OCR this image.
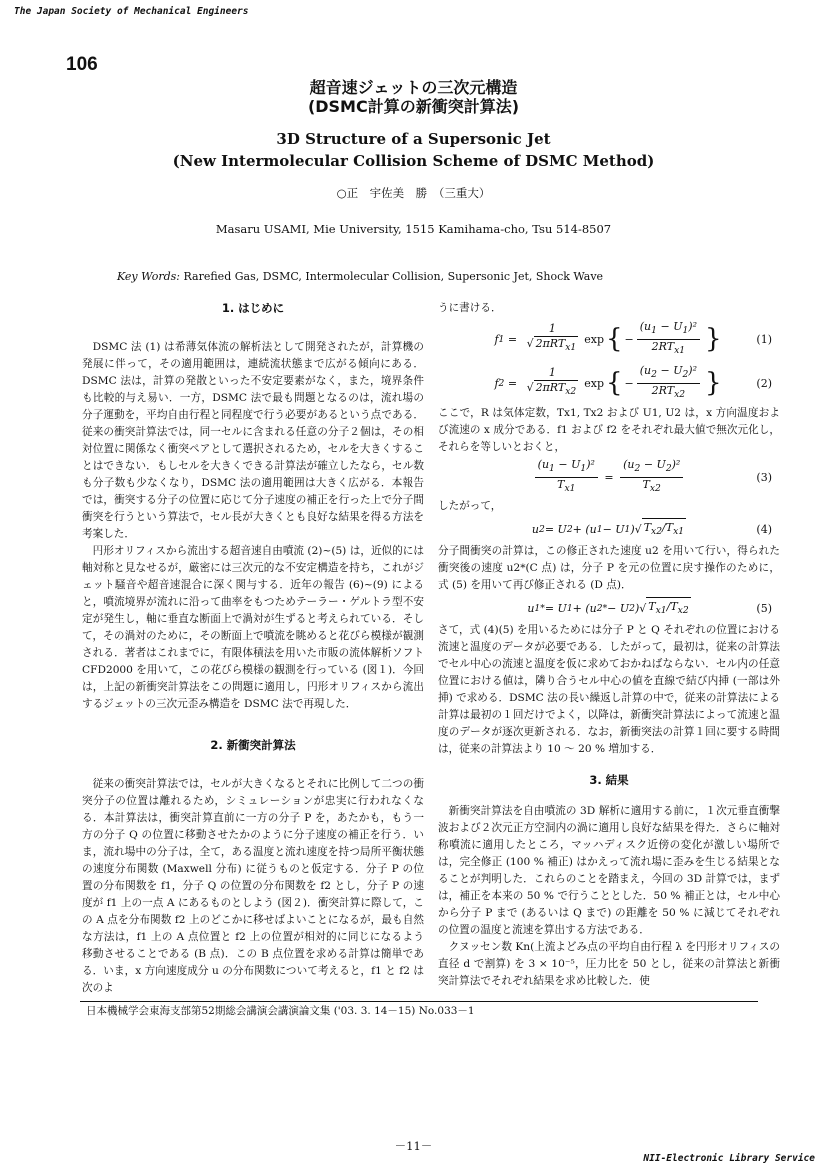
The Japan Society of Mechanical Engineers
106
超音速ジェットの三次元構造
(DSMC計算の新衝突計算法)
3D Structure of a Supersonic Jet
(New Intermolecular Collision Scheme of DSMC Method)
○正　宇佐美　勝　（三重大）
Masaru USAMI, Mie University, 1515 Kamihama-cho, Tsu 514-8507
Key Words: Rarefied Gas, DSMC, Intermolecular Collision, Supersonic Jet, Shock Wave
1. はじめに

DSMC 法 (1) は希薄気体流の解析法として開発されたが，計算機の発展に伴って，その適用範囲は，連続流状態まで広がる傾向にある．DSMC 法は，計算の発散といった不安定要素がなく，また，境界条件も比較的与え易い．一方，DSMC 法で最も問題となるのは，流れ場の分子運動を，平均自由行程と同程度で行う必要があるという点である．従来の衝突計算法では，同一セルに含まれる任意の分子２個は，その相対位置に関係なく衝突ペアとして選択されるため，セルを大きくすることはできない．もしセルを大きくできる計算法が確立したなら，セル数も分子数も少なくなり，DSMC 法の適用範囲は大きく広がる．本報告では，衝突する分子の位置に応じて分子速度の補正を行った上で分子間衝突を行うという算法で，セル長が大きくとも良好な結果を得る方法を考案した．

円形オリフィスから流出する超音速自由噴流 (2)~(5) は，近似的には軸対称と見なせるが，厳密には三次元的な不安定構造を持ち，これがジェット騒音や超音速混合に深く関与する．近年の報告 (6)~(9) によると，噴流境界が流れに沿って曲率をもつためテーラー・ゲルトラ型不安定が発生し，軸に垂直な断面上で渦対が生ずると考えられている．そして，その渦対のために，その断面上で噴流を眺めると花びら模様が観測される．著者はこれまでに，有限体積法を用いた市販の流体解析ソフト CFD2000 を用いて，この花びら模様の観測を行っている (図１)．今回は，上記の新衝突計算法をこの問題に適用し，円形オリフィスから流出するジェットの三次元歪み構造を DSMC 法で再現した．

2. 新衝突計算法

従来の衝突計算法では，セルが大きくなるとそれに比例して二つの衝突分子の位置は離れるため，シミュレーションが忠実に行われなくなる．本計算法は，衝突計算直前に一方の分子 P を，あたかも，もう一方の分子 Q の位置に移動させたかのように分子速度の補正を行う．いま，流れ場中の分子は，全て，ある温度と流れ速度を持つ局所平衡状態の速度分布関数 (Maxwell 分布) に従うものと仮定する．分子 P の位置の分布関数を f1，分子 Q の位置の分布関数を f2 とし，分子 P の速度が f1 上の一点 A にあるものとしよう (図２)．衝突計算に際して，この A 点を分布関数 f2 上のどこかに移せばよいことになるが，最も自然な方法は，f1 上の A 点位置と f2 上の位置が相対的に同じになるよう移動させることである (B 点)．この B 点位置を求める計算は簡単である．いま，x 方向速度成分 u の分布関数について考えると，f1 と f2 は次のよ

うに書ける．

f $1 = \frac{1}{√ 2\pi RT_{x1}}$ exp { − $\frac{(u_1 - U_1)^2}{2RT_{x1}}$ }	(1)
f $2 = \frac{1}{√ 2\pi RT_{x2}}$ exp { − $\frac{(u_2 - U_2)^2}{2RT_{x2}}$ }	(2)

ここで，R は気体定数，Tx1, Tx2 および U1, U2 は，x 方向温度および流速の x 成分である．f1 および f2 をそれぞれ最大値で無次元化し，それらを等しいとおくと，

$\frac{(u_1 - U_1)^2}{T_{x1}} = \frac{(u_2 - U_2)^2}{T_{x2}}$	(3)

したがって，

u 2 = U 2 + (u 1 − U 1 )√ $T_{x2}/T_{x1}$	(4)

分子間衝突の計算は，この修正された速度 u2 を用いて行い，得られた衝突後の速度 u2*(C 点) は，分子 P を元の位置に戻す操作のために，式 (5) を用いて再び修正される (D 点)．

u 1 * = U 1 + (u 2 * − U 2 )√ $T_{x1}/T_{x2}$	(5)

さて，式 (4)(5) を用いるためには分子 P と Q それぞれの位置における流速と温度のデータが必要である．したがって，最初は，従来の計算法でセル中心の流速と温度を仮に求めておかねばならない．セル内の任意位置における値は，隣り合うセル中心の値を直線で結び内挿 (一部は外挿) で求める．DSMC 法の長い繰返し計算の中で，従来の計算法による計算は最初の１回だけでよく，以降は，新衝突計算法によって流速と温度のデータが逐次更新される．なお，新衝突法の計算１回に要する時間は，従来の計算法より 10 〜 20 % 増加する．

3. 結果

新衝突計算法を自由噴流の 3D 解析に適用する前に，１次元垂直衝撃波および２次元正方空洞内の渦に適用し良好な結果を得た．さらに軸対称噴流に適用したところ，マッハディスク近傍の変化が激しい場所では，完全修正 (100 % 補正) はかえって流れ場に歪みを生じる結果となることが判明した．これらのことを踏まえ，今回の 3D 計算では，まずは，補正を本来の 50 % で行うこととした．50 % 補正とは，セル中心から分子 P まで (あるいは Q まで) の距離を 50 % に減じてそれぞれの位置の温度と流速を算出する方法である．

クヌッセン数 Kn(上流よどみ点の平均自由行程 λ を円形オリフィスの直径 d で割算) を 3 × 10⁻⁵，圧力比を 50 とし，従来の計算法と新衝突計算法でそれぞれ結果を求め比較した．使

日本機械学会東海支部第52期総会講演会講演論文集 ('03. 3. 14－15) No.033－1
－11－
NII-Electronic Library Service
